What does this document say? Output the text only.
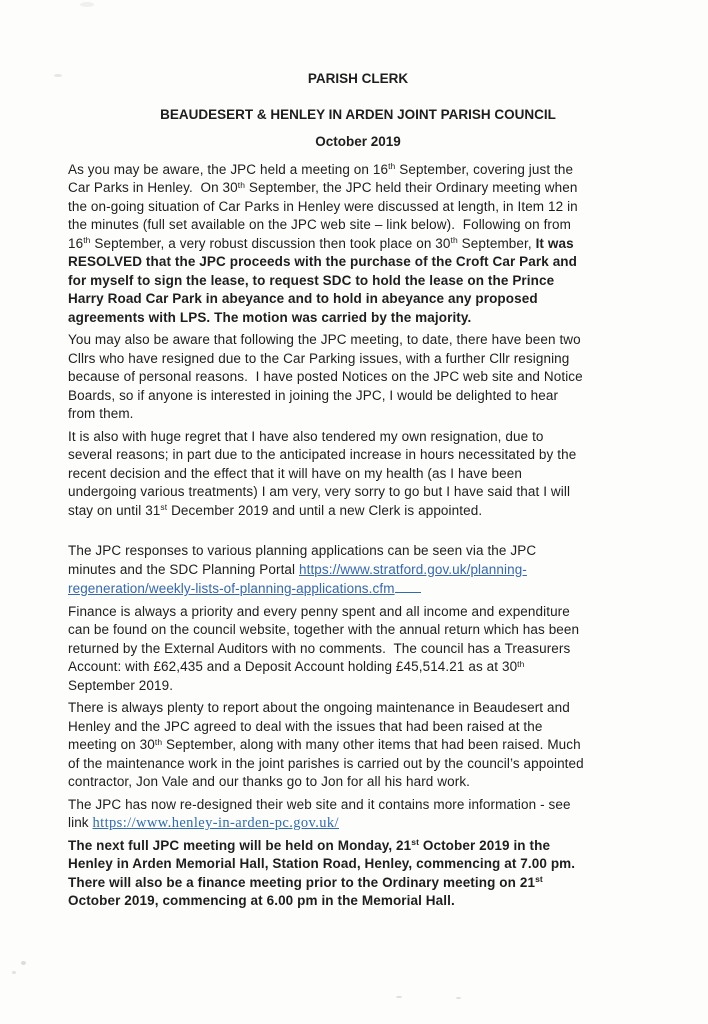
PARISH CLERK

BEAUDESERT & HENLEY IN ARDEN JOINT PARISH COUNCIL

October 2019

As you may be aware, the JPC held a meeting on 16th September, covering just the
Car Parks in Henley.  On 30th September, the JPC held their Ordinary meeting when
the on-going situation of Car Parks in Henley were discussed at length, in Item 12 in
the minutes (full set available on the JPC web site – link below).  Following on from
16th September, a very robust discussion then took place on 30th September, It was
RESOLVED that the JPC proceeds with the purchase of the Croft Car Park and
for myself to sign the lease, to request SDC to hold the lease on the Prince
Harry Road Car Park in abeyance and to hold in abeyance any proposed
agreements with LPS. The motion was carried by the majority.

You may also be aware that following the JPC meeting, to date, there have been two
Cllrs who have resigned due to the Car Parking issues, with a further Cllr resigning
because of personal reasons.  I have posted Notices on the JPC web site and Notice
Boards, so if anyone is interested in joining the JPC, I would be delighted to hear
from them.

It is also with huge regret that I have also tendered my own resignation, due to
several reasons; in part due to the anticipated increase in hours necessitated by the
recent decision and the effect that it will have on my health (as I have been
undergoing various treatments) I am very, very sorry to go but I have said that I will
stay on until 31st December 2019 and until a new Clerk is appointed.

The JPC responses to various planning applications can be seen via the JPC
minutes and the SDC Planning Portal https://www.stratford.gov.uk/planning-
regeneration/weekly-lists-of-planning-applications.cfm

Finance is always a priority and every penny spent and all income and expenditure
can be found on the council website, together with the annual return which has been
returned by the External Auditors with no comments.  The council has a Treasurers
Account: with £62,435 and a Deposit Account holding £45,514.21 as at 30th
September 2019.

There is always plenty to report about the ongoing maintenance in Beaudesert and
Henley and the JPC agreed to deal with the issues that had been raised at the
meeting on 30th September, along with many other items that had been raised. Much
of the maintenance work in the joint parishes is carried out by the council’s appointed
contractor, Jon Vale and our thanks go to Jon for all his hard work.

The JPC has now re-designed their web site and it contains more information - see
link https://www.henley-in-arden-pc.gov.uk/

The next full JPC meeting will be held on Monday, 21st October 2019 in the
Henley in Arden Memorial Hall, Station Road, Henley, commencing at 7.00 pm.
There will also be a finance meeting prior to the Ordinary meeting on 21st
October 2019, commencing at 6.00 pm in the Memorial Hall.
